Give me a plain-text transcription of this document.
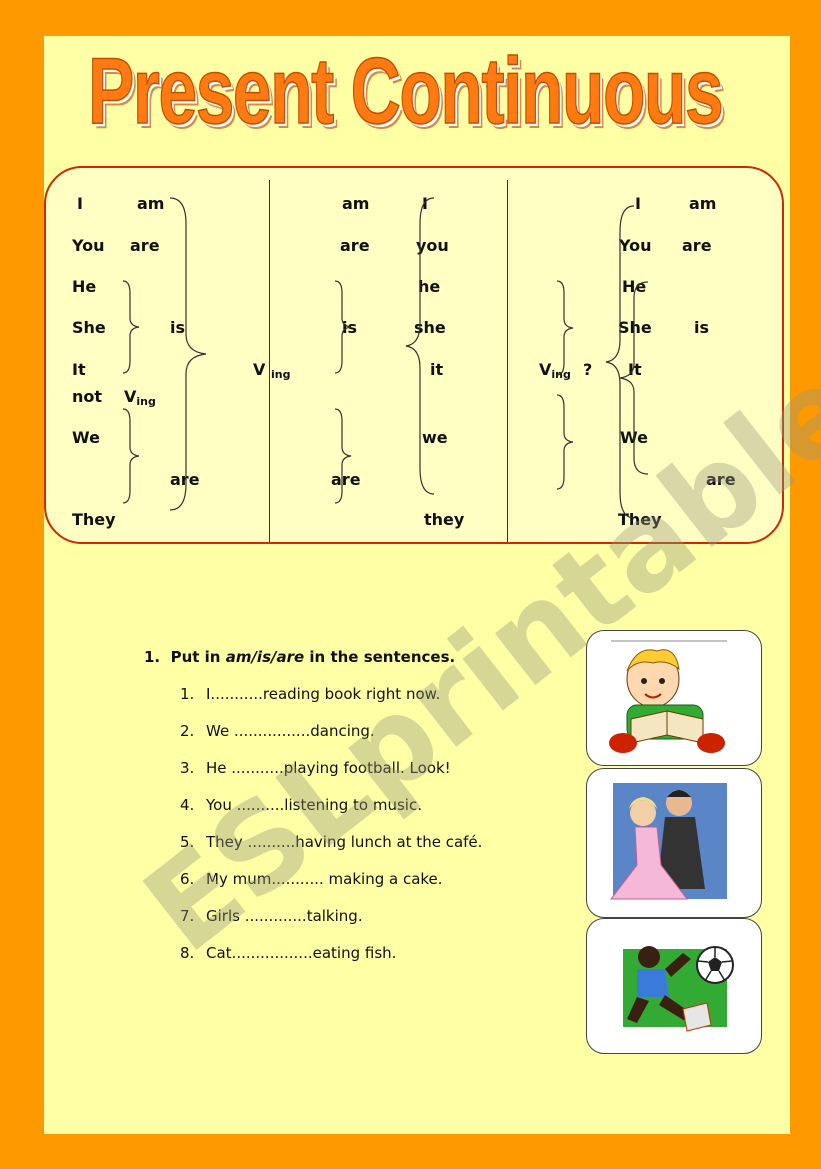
Present Continuous
I	am
You are
He
She	is
It	V $_{ing}$
not $V_{ing}$
We
are
They
am	I
are	you
he
is	she
it
we
are
they
I	am
You are
He
She	is
$V_{ing}$ ? It
We
are
They
1. Put in am/is/are in the sentences.
1. I...........reading book right now.
2. We ................dancing.
3. He ...........playing football. Look!
4. You ..........listening to music.
5. They ..........having lunch at the café.
6. My mum........... making a cake.
7. Girls .............talking.
8. Cat.................eating fish.
